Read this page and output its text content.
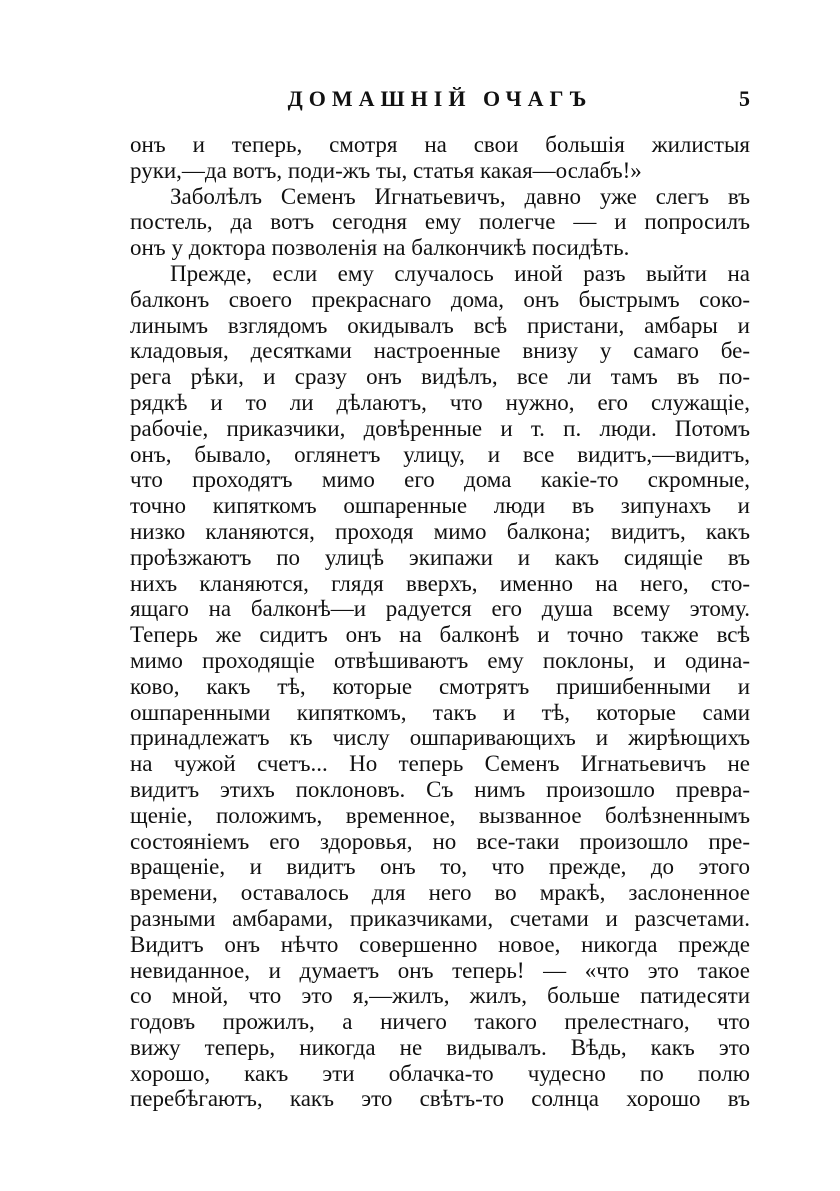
ДОМАШНІЙ ОЧАГЪ	5
онъ и теперь, смотря на свои большія жилистыя
руки,—да вотъ, поди-жъ ты, статья какая—ослабъ!»
Заболѣлъ Семенъ Игнатьевичъ, давно уже слегъ въ
постель, да вотъ сегодня ему полегче — и попросилъ
онъ у доктора позволенія на балкончикѣ посидѣть.
Прежде, если ему случалось иной разъ выйти на
балконъ своего прекраснаго дома, онъ быстрымъ соко-
линымъ взглядомъ окидывалъ всѣ пристани, амбары и
кладовыя, десятками настроенные внизу у самаго бе-
рега рѣки, и сразу онъ видѣлъ, все ли тамъ въ по-
рядкѣ и то ли дѣлаютъ, что нужно, его служащіе,
рабочіе, приказчики, довѣренные и т. п. люди. Потомъ
онъ, бывало, оглянетъ улицу, и все видитъ,—видитъ,
что проходятъ мимо его дома какіе-то скромные,
точно кипяткомъ ошпаренные люди въ зипунахъ и
низко кланяются, проходя мимо балкона; видитъ, какъ
проѣзжаютъ по улицѣ экипажи и какъ сидящіе въ
нихъ кланяются, глядя вверхъ, именно на него, сто-
ящаго на балконѣ—и радуется его душа всему этому.
Теперь же сидитъ онъ на балконѣ и точно также всѣ
мимо проходящіе отвѣшиваютъ ему поклоны, и одина-
ково, какъ тѣ, которые смотрятъ пришибенными и
ошпаренными кипяткомъ, такъ и тѣ, которые сами
принадлежатъ къ числу ошпаривающихъ и жирѣющихъ
на чужой счетъ... Но теперь Семенъ Игнатьевичъ не
видитъ этихъ поклоновъ. Съ нимъ произошло превра-
щеніе, положимъ, временное, вызванное болѣзненнымъ
состояніемъ его здоровья, но все-таки произошло пре-
вращеніе, и видитъ онъ то, что прежде, до этого
времени, оставалось для него во мракѣ, заслоненное
разными амбарами, приказчиками, счетами и разсчетами.
Видитъ онъ нѣчто совершенно новое, никогда прежде
невиданное, и думаетъ онъ теперь! — «что это такое
со мной, что это я,—жилъ, жилъ, больше патидесяти
годовъ прожилъ, а ничего такого прелестнаго, что
вижу теперь, никогда не видывалъ. Вѣдь, какъ это
хорошо, какъ эти облачка-то чудесно по полю
перебѣгаютъ, какъ это свѣтъ-то солнца хорошо въ
